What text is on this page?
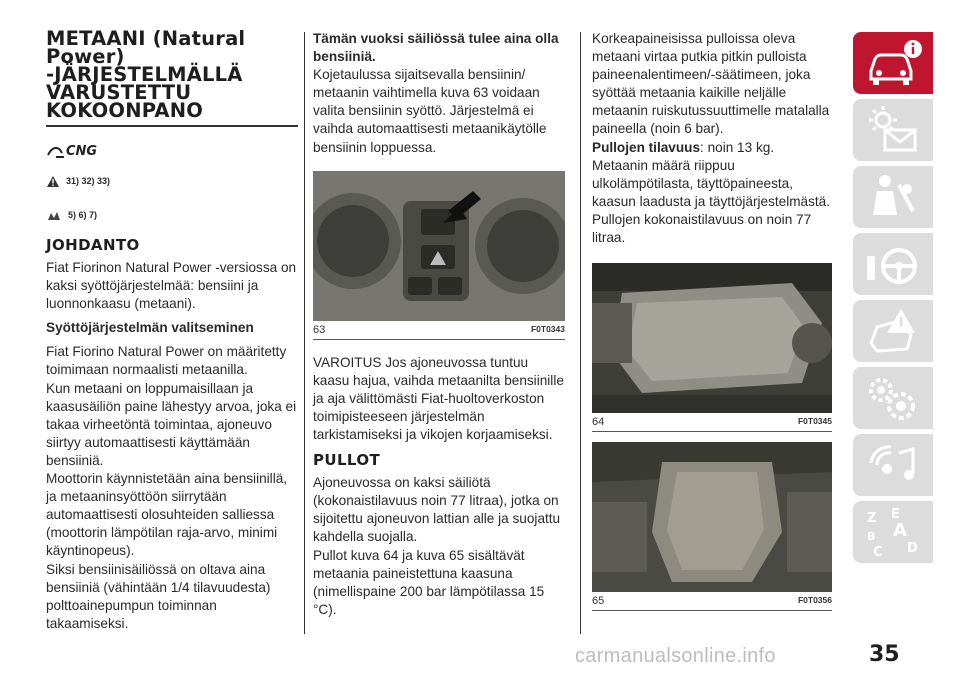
METAANI (Natural
Power)
-JÄRJESTELMÄLLÄ
VARUSTETTU
KOKOONPANO
CNG
31) 32) 33)
5) 6) 7)
JOHDANTO

Fiat Fiorinon Natural Power -versiossa on kaksi syöttöjärjestelmää: bensiini ja luonnonkaasu (metaani).

Syöttöjärjestelmän valitseminen

Fiat Fiorino Natural Power on määritetty toimimaan normaalisti metaanilla.

Kun metaani on loppumaisillaan ja kaasusäiliön paine lähestyy arvoa, joka ei takaa virheetöntä toimintaa, ajoneuvo siirtyy automaattisesti käyttämään bensiiniä.

Moottorin käynnistetään aina bensiinillä, ja metaaninsyöttöön siirrytään automaattisesti olosuhteiden salliessa (moottorin lämpötilan raja-arvo, minimi käyntinopeus).

Siksi bensiinisäiliössä on oltava aina bensiiniä (vähintään 1/4 tilavuudesta) polttoainepumpun toiminnan takaamiseksi.

Tämän vuoksi säiliössä tulee aina olla bensiiniä.

Kojetaulussa sijaitsevalla bensiinin/ metaanin vaihtimella kuva 63 voidaan valita bensiinin syöttö. Järjestelmä ei vaihda automaattisesti metaanikäytölle bensiinin loppuessa.

63	F0T0343

VAROITUS Jos ajoneuvossa tuntuu kaasu hajua, vaihda metaanilta bensiinille ja aja välittömästi Fiat-huoltoverkoston toimipisteeseen järjestelmän tarkistamiseksi ja vikojen korjaamiseksi.

PULLOT

Ajoneuvossa on kaksi säiliötä (kokonaistilavuus noin 77 litraa), jotka on sijoitettu ajoneuvon lattian alle ja suojattu kahdella suojalla.

Pullot kuva 64 ja kuva 65 sisältävät metaania paineistettuna kaasuna (nimellispaine 200 bar lämpötilassa 15 °C).

Korkeapaineisissa pulloissa oleva metaani virtaa putkia pitkin pulloista paineenalentimeen/-säätimeen, joka syöttää metaania kaikille neljälle metaanin ruiskutussuuttimelle matalalla paineella (noin 6 bar).

Pullojen tilavuus: noin 13 kg.

Metaanin määrä riippuu ulkolämpötilasta, täyttöpaineesta, kaasun laadusta ja täyttöjärjestelmästä.

Pullojen kokonaistilavuus on noin 77 litraa.

64	F0T0345
65	F0T0356
Z E
A
B
C D
carmanualsonline.info	35
